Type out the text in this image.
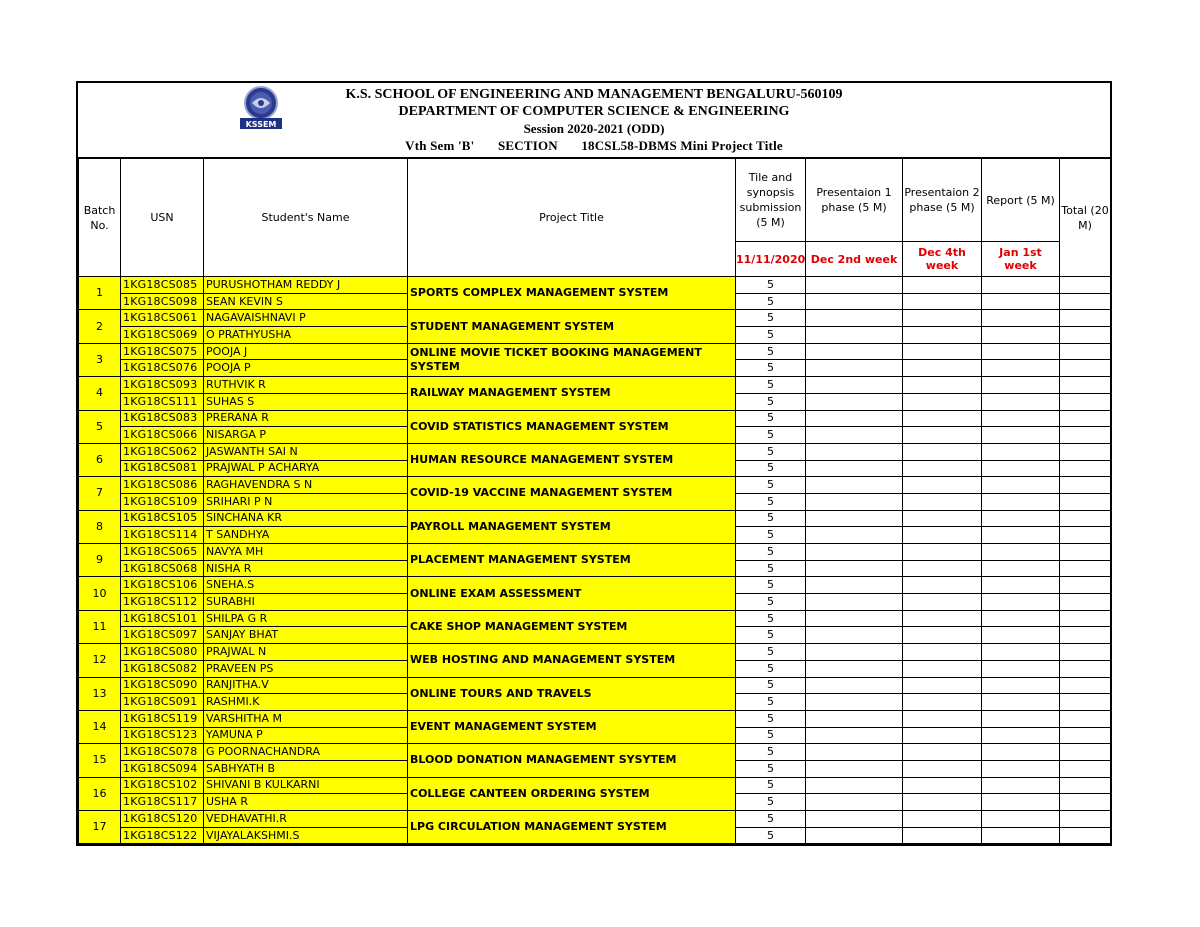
KSSEM
K.S. SCHOOL OF ENGINEERING AND MANAGEMENT BENGALURU-560109
DEPARTMENT OF COMPUTER SCIENCE & ENGINEERING
Session 2020-2021 (ODD)
Vth Sem 'B' SECTION 18CSL58-DBMS Mini Project Title
Batch No.	USN	Student's Name	Project Title	Tile and synopsis submission (5 M)	Presentaion 1 phase (5 M)	Presentaion 2 phase (5 M)	Report (5 M)	Total (20 M)
				11/11/2020	Dec 2nd week	Dec 4th week	Jan 1st week	
1	1KG18CS085	PURUSHOTHAM REDDY J	SPORTS COMPLEX MANAGEMENT SYSTEM	5				
	1KG18CS098	SEAN KEVIN S		5				
2	1KG18CS061	NAGAVAISHNAVI P	STUDENT MANAGEMENT SYSTEM	5				
	1KG18CS069	O PRATHYUSHA		5				
3	1KG18CS075	POOJA J	ONLINE MOVIE TICKET BOOKING MANAGEMENT SYSTEM	5				
	1KG18CS076	POOJA P		5				
4	1KG18CS093	RUTHVIK R	RAILWAY MANAGEMENT SYSTEM	5				
	1KG18CS111	SUHAS S		5				
5	1KG18CS083	PRERANA R	COVID STATISTICS MANAGEMENT SYSTEM	5				
	1KG18CS066	NISARGA P		5				
6	1KG18CS062	JASWANTH SAI N	HUMAN RESOURCE MANAGEMENT SYSTEM	5				
	1KG18CS081	PRAJWAL P ACHARYA		5				
7	1KG18CS086	RAGHAVENDRA S N	COVID-19 VACCINE MANAGEMENT SYSTEM	5				
	1KG18CS109	SRIHARI P N		5				
8	1KG18CS105	SINCHANA KR	PAYROLL MANAGEMENT SYSTEM	5				
	1KG18CS114	T SANDHYA		5				
9	1KG18CS065	NAVYA MH	PLACEMENT MANAGEMENT SYSTEM	5				
	1KG18CS068	NISHA R		5				
10	1KG18CS106	SNEHA.S	ONLINE EXAM ASSESSMENT	5				
	1KG18CS112	SURABHI		5				
11	1KG18CS101	SHILPA G R	CAKE SHOP MANAGEMENT SYSTEM	5				
	1KG18CS097	SANJAY BHAT		5				
12	1KG18CS080	PRAJWAL N	WEB HOSTING AND MANAGEMENT SYSTEM	5				
	1KG18CS082	PRAVEEN PS		5				
13	1KG18CS090	RANJITHA.V	ONLINE TOURS AND TRAVELS	5				
	1KG18CS091	RASHMI.K		5				
14	1KG18CS119	VARSHITHA M	EVENT MANAGEMENT SYSTEM	5				
	1KG18CS123	YAMUNA P		5				
15	1KG18CS078	G POORNACHANDRA	BLOOD DONATION MANAGEMENT SYSYTEM	5				
	1KG18CS094	SABHYATH B		5				
16	1KG18CS102	SHIVANI B KULKARNI	COLLEGE CANTEEN ORDERING SYSTEM	5				
	1KG18CS117	USHA R		5				
17	1KG18CS120	VEDHAVATHI.R	LPG CIRCULATION MANAGEMENT SYSTEM	5				
	1KG18CS122	VIJAYALAKSHMI.S		5				
